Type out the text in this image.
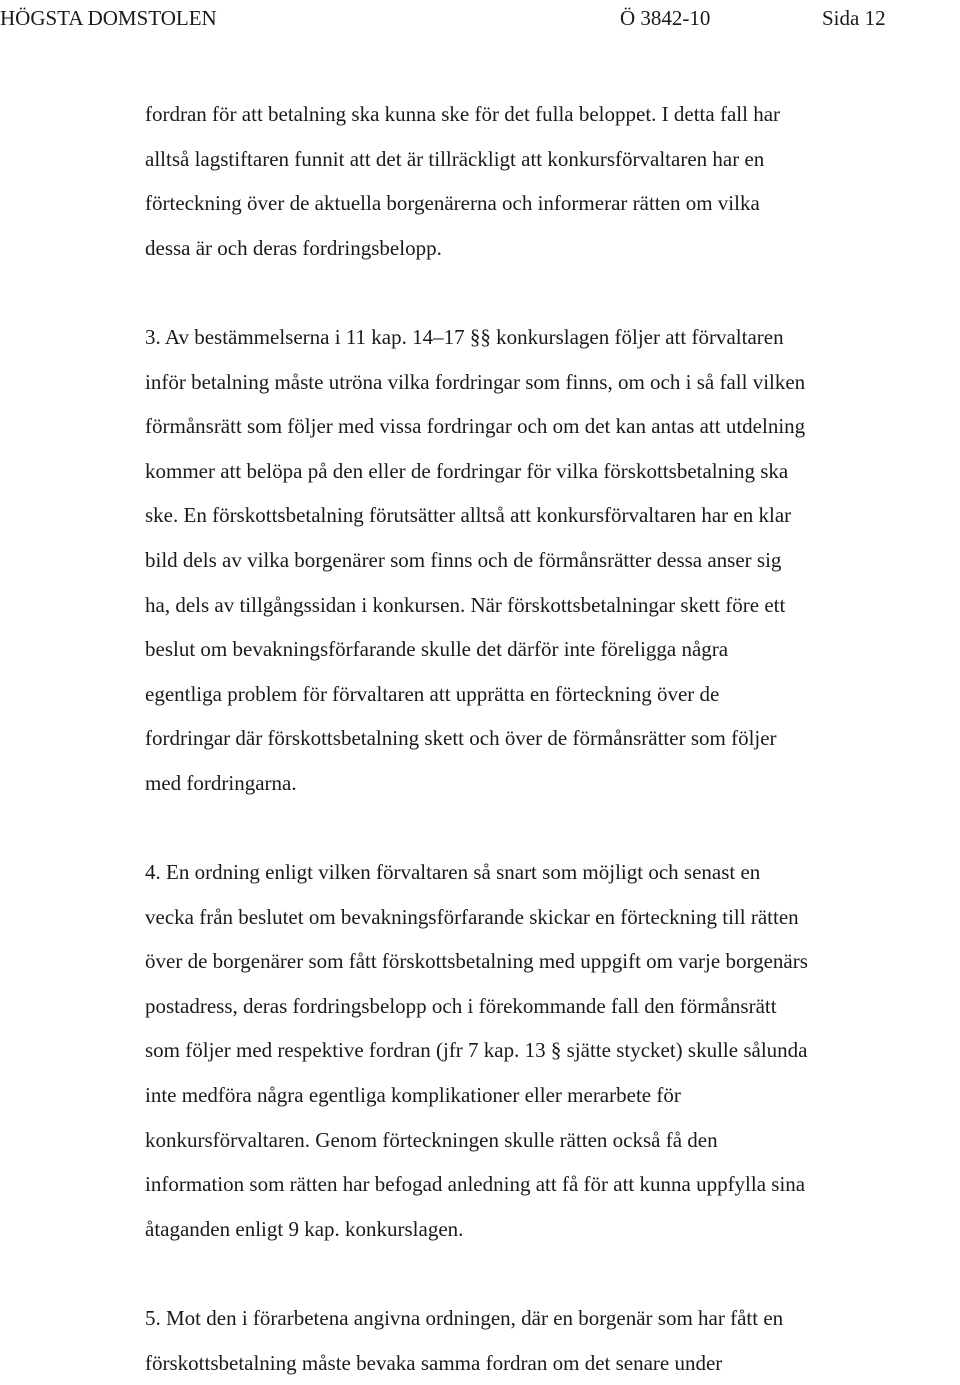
HÖGSTA DOMSTOLEN	Ö 3842-10	Sida 12

fordran för att betalning ska kunna ske för det fulla beloppet. I detta fall har
alltså lagstiftaren funnit att det är tillräckligt att konkursförvaltaren har en
förteckning över de aktuella borgenärerna och informerar rätten om vilka
dessa är och deras fordringsbelopp.

3. Av bestämmelserna i 11 kap. 14–17 §§ konkurslagen följer att förvaltaren
inför betalning måste utröna vilka fordringar som finns, om och i så fall vilken
förmånsrätt som följer med vissa fordringar och om det kan antas att utdelning
kommer att belöpa på den eller de fordringar för vilka förskottsbetalning ska
ske. En förskottsbetalning förutsätter alltså att konkursförvaltaren har en klar
bild dels av vilka borgenärer som finns och de förmånsrätter dessa anser sig
ha, dels av tillgångssidan i konkursen. När förskottsbetalningar skett före ett
beslut om bevakningsförfarande skulle det därför inte föreligga några
egentliga problem för förvaltaren att upprätta en förteckning över de
fordringar där förskottsbetalning skett och över de förmånsrätter som följer
med fordringarna.

4. En ordning enligt vilken förvaltaren så snart som möjligt och senast en
vecka från beslutet om bevakningsförfarande skickar en förteckning till rätten
över de borgenärer som fått förskottsbetalning med uppgift om varje borgenärs
postadress, deras fordringsbelopp och i förekommande fall den förmånsrätt
som följer med respektive fordran (jfr 7 kap. 13 § sjätte stycket) skulle sålunda
inte medföra några egentliga komplikationer eller merarbete för
konkursförvaltaren. Genom förteckningen skulle rätten också få den
information som rätten har befogad anledning att få för att kunna uppfylla sina
åtaganden enligt 9 kap. konkurslagen.

5. Mot den i förarbetena angivna ordningen, där en borgenär som har fått en
förskottsbetalning måste bevaka samma fordran om det senare under
